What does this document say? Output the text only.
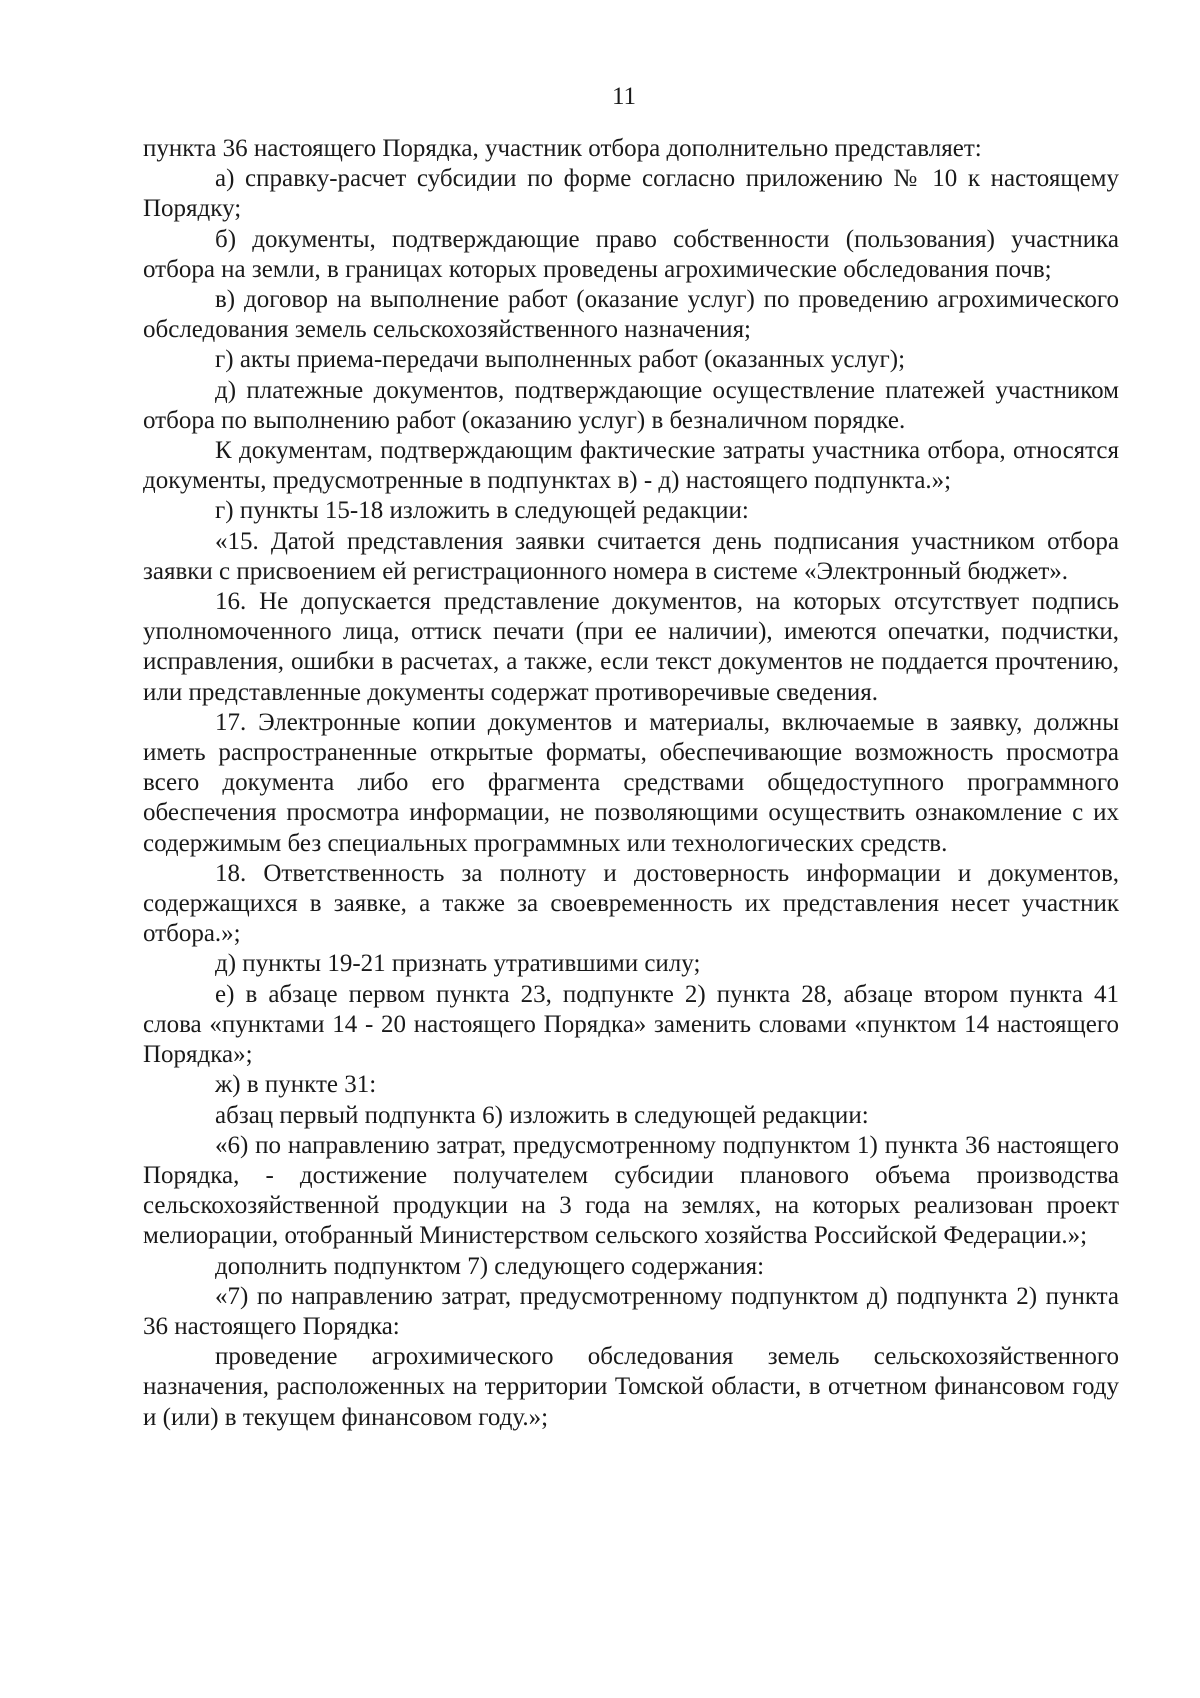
11

пункта 36 настоящего Порядка, участник отбора дополнительно представляет:

а) справку-расчет субсидии по форме согласно приложению № 10 к настоящему Порядку;

б) документы, подтверждающие право собственности (пользования) участника отбора на земли, в границах которых проведены агрохимические обследования почв;

в) договор на выполнение работ (оказание услуг) по проведению агрохимического обследования земель сельскохозяйственного назначения;

г) акты приема-передачи выполненных работ (оказанных услуг);

д) платежные документов, подтверждающие осуществление платежей участником отбора по выполнению работ (оказанию услуг) в безналичном порядке.

К документам, подтверждающим фактические затраты участника отбора, относятся документы, предусмотренные в подпунктах в) - д) настоящего подпункта.»;

г) пункты 15-18 изложить в следующей редакции:

«15. Датой представления заявки считается день подписания участником отбора заявки с присвоением ей регистрационного номера в системе «Электронный бюджет».

16. Не допускается представление документов, на которых отсутствует подпись уполномоченного лица, оттиск печати (при ее наличии), имеются опечатки, подчистки, исправления, ошибки в расчетах, а также, если текст документов не поддается прочтению, или представленные документы содержат противоречивые сведения.

17. Электронные копии документов и материалы, включаемые в заявку, должны иметь распространенные открытые форматы, обеспечивающие возможность просмотра всего документа либо его фрагмента средствами общедоступного программного обеспечения просмотра информации, не позволяющими осуществить ознакомление с их содержимым без специальных программных или технологических средств.

18. Ответственность за полноту и достоверность информации и документов, содержащихся в заявке, а также за своевременность их представления несет участник отбора.»;

д) пункты 19-21 признать утратившими силу;

е) в абзаце первом пункта 23, подпункте 2) пункта 28, абзаце втором пункта 41 слова «пунктами 14 - 20 настоящего Порядка» заменить словами «пунктом 14 настоящего Порядка»;

ж) в пункте 31:

абзац первый подпункта 6) изложить в следующей редакции:

«6) по направлению затрат, предусмотренному подпунктом 1) пункта 36 настоящего Порядка, - достижение получателем субсидии планового объема производства сельскохозяйственной продукции на 3 года на землях, на которых реализован проект мелиорации, отобранный Министерством сельского хозяйства Российской Федерации.»;

дополнить подпунктом 7) следующего содержания:

«7) по направлению затрат, предусмотренному подпунктом д) подпункта 2) пункта 36 настоящего Порядка:

проведение агрохимического обследования земель сельскохозяйственного назначения, расположенных на территории Томской области, в отчетном финансовом году и (или) в текущем финансовом году.»;
